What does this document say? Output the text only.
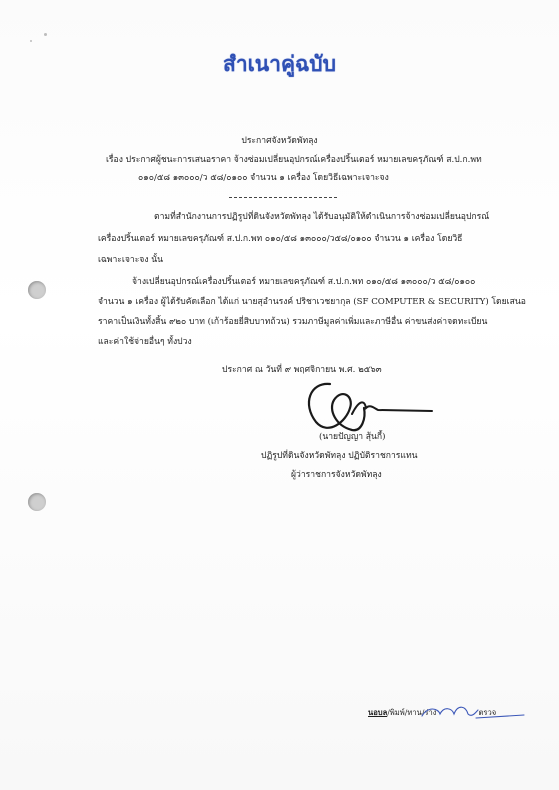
สำเนาคู่ฉบับ
ประกาศจังหวัดพัทลุง
เรื่อง ประกาศผู้ชนะการเสนอราคา จ้างซ่อมเปลี่ยนอุปกรณ์เครื่องปริ้นเตอร์ หมายเลขครุภัณฑ์ ส.ป.ก.พท
๐๑๐/๕๘ ๑๓๐๐๐/ว ๕๘/๐๑๐๐ จำนวน ๑ เครื่อง โดยวิธีเฉพาะเจาะจง
ตามที่สำนักงานการปฏิรูปที่ดินจังหวัดพัทลุง ได้รับอนุมัติให้ดำเนินการจ้างซ่อมเปลี่ยนอุปกรณ์
เครื่องปริ้นเตอร์ หมายเลขครุภัณฑ์ ส.ป.ก.พท ๐๑๐/๕๘ ๑๓๐๐๐/ว๕๘/๐๑๐๐ จำนวน ๑ เครื่อง โดยวิธี
เฉพาะเจาะจง นั้น
จ้างเปลี่ยนอุปกรณ์เครื่องปริ้นเตอร์ หมายเลขครุภัณฑ์ ส.ป.ก.พท ๐๑๐/๕๘ ๑๓๐๐๐/ว ๕๘/๐๑๐๐
จำนวน ๑ เครื่อง ผู้ได้รับคัดเลือก ได้แก่ นายสุอำนรงค์ ปริชาเวชยากุล (SF COMPUTER & SECURITY) โดยเสนอ
ราคาเป็นเงินทั้งสิ้น ๙๒๐ บาท (เก้าร้อยยี่สิบบาทถ้วน) รวมภาษีมูลค่าเพิ่มและภาษีอื่น ค่าขนส่งค่าจดทะเบียน
และค่าใช้จ่ายอื่นๆ ทั้งปวง
ประกาศ ณ วันที่ ๙ พฤศจิกายน พ.ศ. ๒๕๖๓
(นายปัญญา สุ้นกี้)
ปฏิรูปที่ดินจังหวัดพัทลุง ปฏิบัติราชการแทน
ผู้ว่าราชการจังหวัดพัทลุง
นอบล/พิมพ์/ทาน/ร่าง	ตรวจ
